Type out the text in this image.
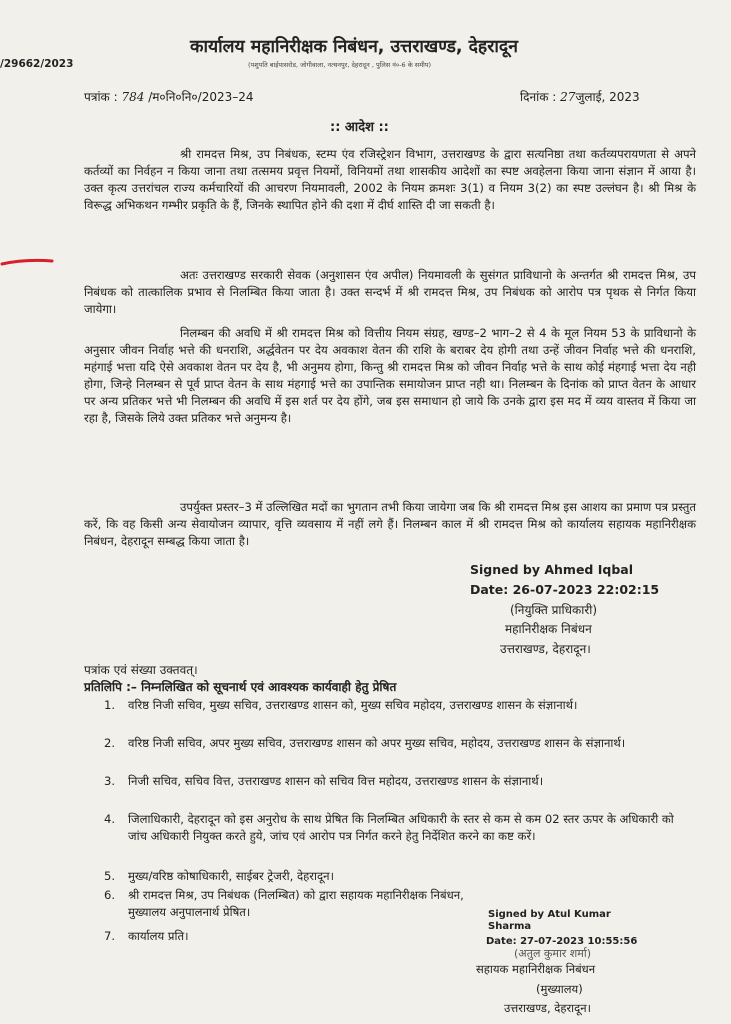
/29662/2023
कार्यालय महानिरीक्षक निबंधन, उत्तराखण्ड, देहरादून
(पशुपति बाईपासरोड, जोगीवाला, नत्थनपुर, देहरादून , पुलिस नं०-6 के समीप)
पत्रांक : 784 /म०नि०नि०/2023–24	दिनांक : 27जुलाई, 2023
:: आदेश ::
श्री रामदत्त मिश्र, उप निबंधक, स्टम्प एंव रजिस्ट्रेशन विभाग, उत्तराखण्ड के द्वारा सत्यनिष्ठा तथा कर्तव्यपरायणता से अपने कर्तव्यों का निर्वहन न किया जाना तथा तत्समय प्रवृत्त नियमों, विनियमों तथा शासकीय आदेशों का स्पष्ट अवहेलना किया जाना संज्ञान में आया है। उक्त कृत्य उत्तरांचल राज्य कर्मचारियों की आचरण नियमावली, 2002 के नियम क्रमशः 3(1) व नियम 3(2) का स्पष्ट उल्लंघन है। श्री मिश्र के विरूद्ध अभिकथन गम्भीर प्रकृति के हैं, जिनके स्थापित होने की दशा में दीर्घ शास्ति दी जा सकती है।
अतः उत्तराखण्ड सरकारी सेवक (अनुशासन एंव अपील) नियमावली के सुसंगत प्राविधानो के अन्तर्गत श्री रामदत्त मिश्र, उप निबंधक को तात्कालिक प्रभाव से निलम्बित किया जाता है। उक्त सन्दर्भ में श्री रामदत्त मिश्र, उप निबंधक को आरोप पत्र पृथक से निर्गत किया जायेगा।
निलम्बन की अवधि में श्री रामदत्त मिश्र को वित्तीय नियम संग्रह, खण्ड–2 भाग–2 से 4 के मूल नियम 53 के प्राविधानो के अनुसार जीवन निर्वाह भत्ते की धनराशि, अर्द्धवेतन पर देय अवकाश वेतन की राशि के बराबर देय होगी तथा उन्हें जीवन निर्वाह भत्ते की धनराशि, महंगाई भत्ता यदि ऐसे अवकाश वेतन पर देय है, भी अनुमय होगा, किन्तु श्री रामदत्त मिश्र को जीवन निर्वाह भत्ते के साथ कोई मंहगाई भत्ता देय नही होगा, जिन्हे निलम्बन से पूर्व प्राप्त वेतन के साथ मंहगाई भत्ते का उपान्तिक समायोजन प्राप्त नही था। निलम्बन के दिनांक को प्राप्त वेतन के आधार पर अन्य प्रतिकर भत्ते भी निलम्बन की अवधि में इस शर्त पर देय होंगे, जब इस समाधान हो जाये कि उनके द्वारा इस मद में व्यय वास्तव में किया जा रहा है, जिसके लिये उक्त प्रतिकर भत्ते अनुमन्य है।
उपर्युक्त प्रस्तर–3 में उल्लिखित मदों का भुगतान तभी किया जायेगा जब कि श्री रामदत्त मिश्र इस आशय का प्रमाण पत्र प्रस्तुत करें, कि वह किसी अन्य सेवायोजन व्यापार, वृत्ति व्यवसाय में नहीं लगे हैं। निलम्बन काल में श्री रामदत्त मिश्र को कार्यालय सहायक महानिरीक्षक निबंधन, देहरादून सम्बद्ध किया जाता है।
Signed by Ahmed Iqbal
Date: 26-07-2023 22:02:15
(नियुक्ति प्राधिकारी)
महानिरीक्षक निबंधन
उत्तराखण्ड, देहरादून।
पत्रांक एवं संख्या उक्तवत्।
प्रतिलिपि :– निम्नलिखित को सूचनार्थ एवं आवश्यक कार्यवाही हेतु प्रेषित
1. वरिष्ठ निजी सचिव, मुख्य सचिव, उत्तराखण्ड शासन को, मुख्य सचिव महोदय, उत्तराखण्ड शासन के संज्ञानार्थ।
2. वरिष्ठ निजी सचिव, अपर मुख्य सचिव, उत्तराखण्ड शासन को अपर मुख्य सचिव, महोदय, उत्तराखण्ड शासन के संज्ञानार्थ।
3. निजी सचिव, सचिव वित्त, उत्तराखण्ड शासन को सचिव वित्त महोदय, उत्तराखण्ड शासन के संज्ञानार्थ।
4. जिलाधिकारी, देहरादून को इस अनुरोध के साथ प्रेषित कि निलम्बित अधिकारी के स्तर से कम से कम 02 स्तर ऊपर के अधिकारी को जांच अधिकारी नियुक्त करते हुये, जांच एवं आरोप पत्र निर्गत करने हेतु निर्देशित करने का कष्ट करें।
5. मुख्य/वरिष्ठ कोषाधिकारी, साईबर ट्रेजरी, देहरादून।
6. श्री रामदत्त मिश्र, उप निबंधक (निलम्बित) को द्वारा सहायक महानिरीक्षक निबंधन, मुख्यालय अनुपालनार्थ प्रेषित।
7. कार्यालय प्रति।
Signed by Atul Kumar
Sharma
Date: 27-07-2023 10:55:56
(अतुल कुमार शर्मा)
सहायक महानिरीक्षक निबंधन
(मुख्यालय)
उत्तराखण्ड, देहरादून।
